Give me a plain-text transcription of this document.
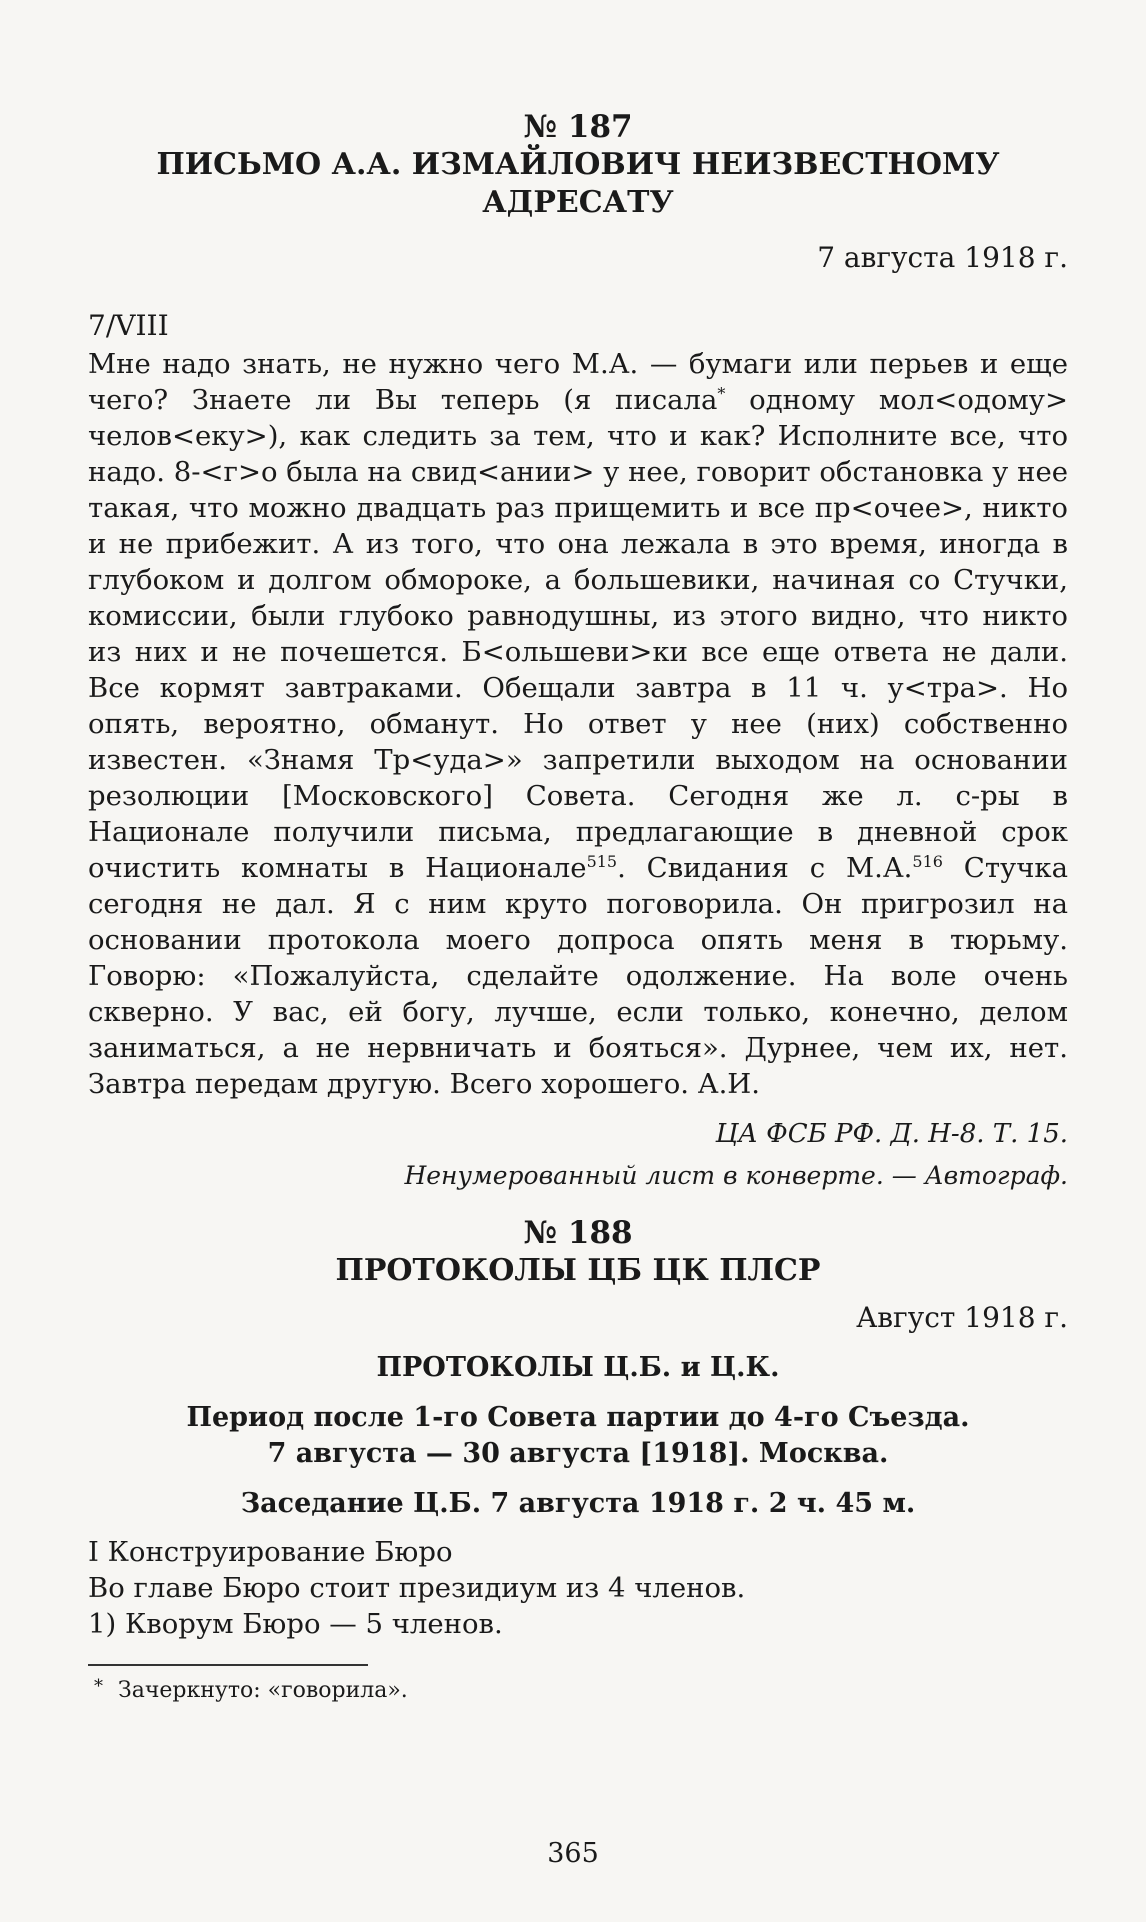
№ 187
ПИСЬМО А.А. ИЗМАЙЛОВИЧ НЕИЗВЕСТНОМУ
АДРЕСАТУ
7 августа 1918 г.
7/VIII

Мне надо знать, не нужно чего М.А. — бумаги или перьев и еще чего? Знаете ли Вы теперь (я писала* одному мол<одому> челов<еку>), как следить за тем, что и как? Исполните все, что надо. 8-<г>о была на свид<ании> у нее, говорит обстановка у нее такая, что можно двадцать раз прищемить и все пр<очее>, никто и не прибежит. А из того, что она лежала в это время, иногда в глубоком и долгом обмороке, а большевики, начиная со Стучки, комиссии, были глубоко равнодушны, из этого видно, что никто из них и не почешется. Б<ольшеви>ки все еще ответа не дали. Все кормят завтраками. Обещали завтра в 11 ч. у<тра>. Но опять, вероятно, обманут. Но ответ у нее (них) собственно известен. «Знамя Тр<уда>» запретили выходом на основании резолюции [Московского] Совета. Сегодня же л. с-ры в Национале получили письма, предлагающие в дневной срок очистить комнаты в Национале$^{515}$. Свидания с М.А.$^{516}$ Стучка сегодня не дал. Я с ним круто поговорила. Он пригрозил на основании протокола моего допроса опять меня в тюрьму. Говорю: «Пожалуйста, сделайте одолжение. На воле очень скверно. У вас, ей богу, лучше, если только, конечно, делом заниматься, а не нервничать и бояться». Дурнее, чем их, нет. Завтра передам другую. Всего хорошего. А.И.

ЦА ФСБ РФ. Д. Н-8. Т. 15.
Ненумерованный лист в конверте. — Автограф.
№ 188
ПРОТОКОЛЫ ЦБ ЦК ПЛСР
Август 1918 г.
ПРОТОКОЛЫ Ц.Б. и Ц.К.
Период после 1-го Совета партии до 4-го Съезда.
7 августа — 30 августа [1918]. Москва.
Заседание Ц.Б. 7 августа 1918 г. 2 ч. 45 м.
I Конструирование Бюро
Во главе Бюро стоит президиум из 4 членов.
1) Кворум Бюро — 5 членов.
* Зачеркнуто: «говорила».
365
